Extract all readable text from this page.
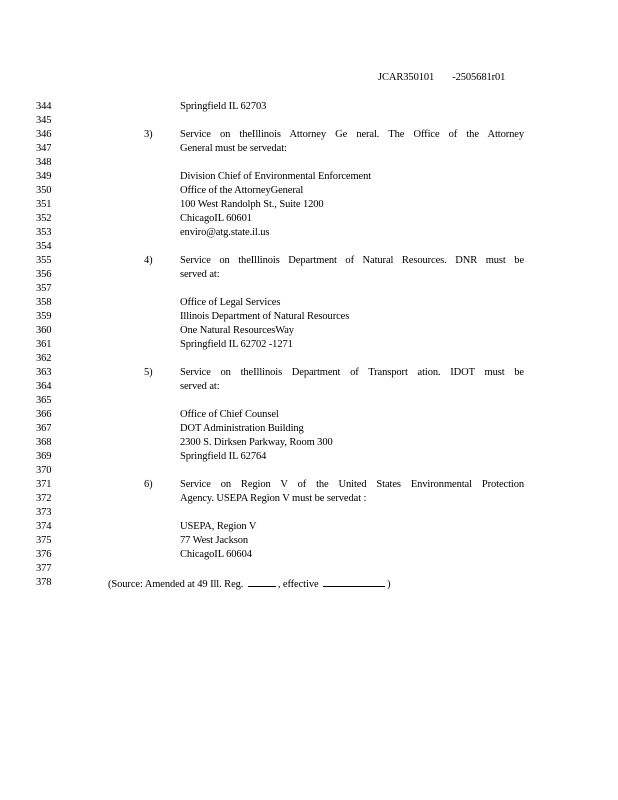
JCAR350101 -2505681r01
344	Springfield IL 62703
345
346	3)	Service on theIllinois Attorney Ge neral. The Office of the Attorney
347	General must be servedat:
348
349	Division Chief of Environmental Enforcement
350	Office of the AttorneyGeneral
351	100 West Randolph St., Suite 1200
352	ChicagoIL 60601
353	enviro@atg.state.il.us
354
355	4)	Service on theIllinois Department of Natural Resources. DNR must be
356	served at:
357
358	Office of Legal Services
359	Illinois Department of Natural Resources
360	One Natural ResourcesWay
361	Springfield IL 62702 -1271
362
363	5)	Service on theIllinois Department of Transport ation. IDOT must be
364	served at:
365
366	Office of Chief Counsel
367	DOT Administration Building
368	2300 S. Dirksen Parkway, Room 300
369	Springfield IL 62764
370
371	6)	Service on Region V of the United States Environmental Protection
372	Agency. USEPA Region V must be servedat :
373
374	USEPA, Region V
375	77 West Jackson
376	ChicagoIL 60604
377
378	(Source: Amended at 49 Ill. Reg.	, effective	)
